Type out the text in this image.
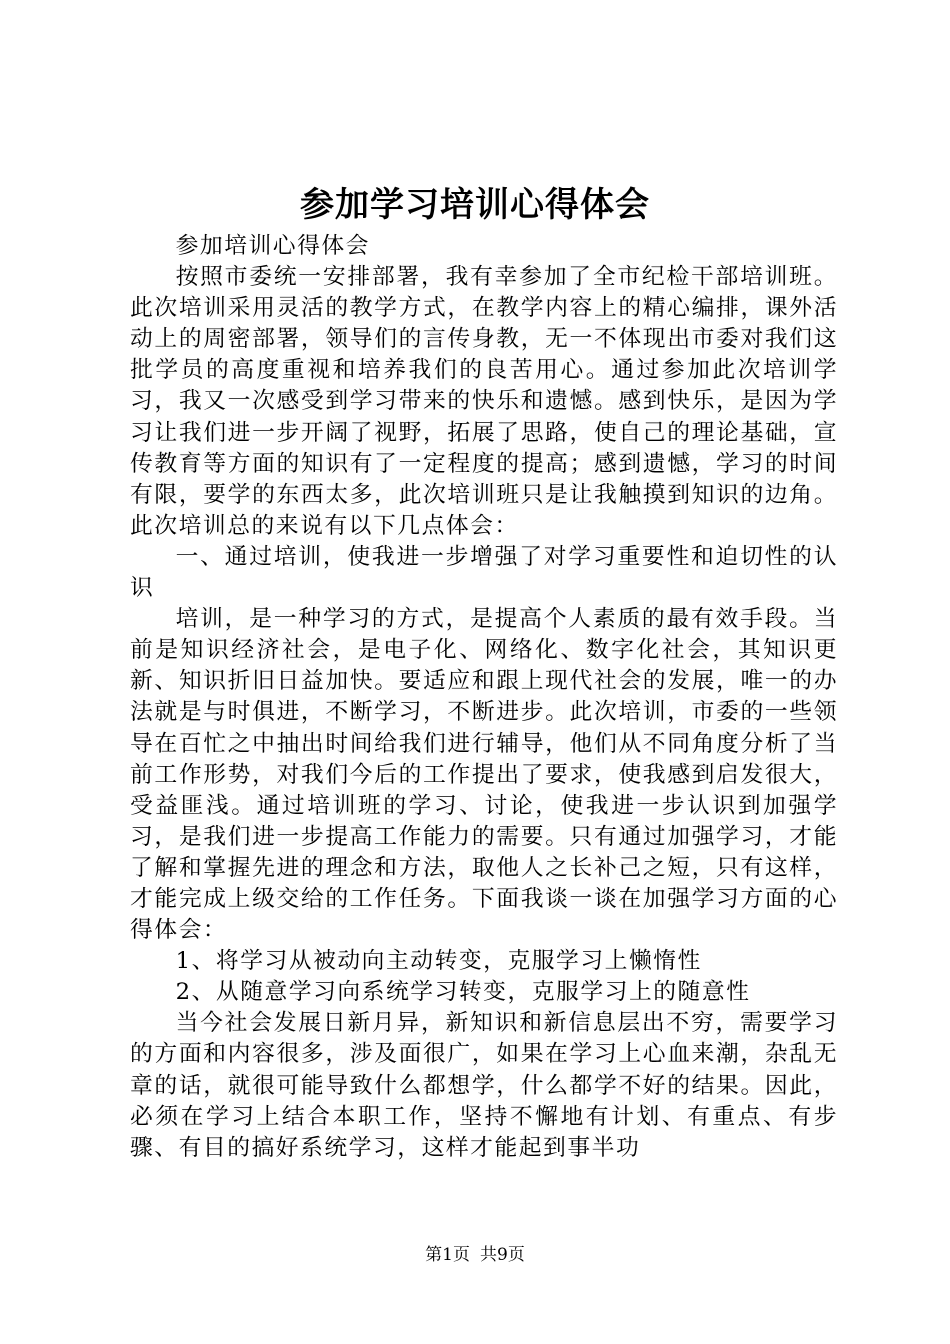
参加学习培训心得体会

参加培训心得体会

按照市委统一安排部署，我有幸参加了全市纪检干部培训班。此次培训采用灵活的教学方式，在教学内容上的精心编排，课外活动上的周密部署，领导们的言传身教，无一不体现出市委对我们这批学员的高度重视和培养我们的良苦用心。通过参加此次培训学习，我又一次感受到学习带来的快乐和遗憾。感到快乐，是因为学习让我们进一步开阔了视野，拓展了思路，使自己的理论基础，宣传教育等方面的知识有了一定程度的提高；感到遗憾，学习的时间有限，要学的东西太多，此次培训班只是让我触摸到知识的边角。此次培训总的来说有以下几点体会：

一、通过培训，使我进一步增强了对学习重要性和迫切性的认识

培训，是一种学习的方式，是提高个人素质的最有效手段。当前是知识经济社会，是电子化、网络化、数字化社会，其知识更新、知识折旧日益加快。要适应和跟上现代社会的发展，唯一的办法就是与时俱进，不断学习，不断进步。此次培训，市委的一些领导在百忙之中抽出时间给我们进行辅导，他们从不同角度分析了当前工作形势，对我们今后的工作提出了要求，使我感到启发很大，受益匪浅。通过培训班的学习、讨论，使我进一步认识到加强学习，是我们进一步提高工作能力的需要。只有通过加强学习，才能了解和掌握先进的理念和方法，取他人之长补己之短，只有这样，才能完成上级交给的工作任务。下面我谈一谈在加强学习方面的心得体会：

1、将学习从被动向主动转变，克服学习上懒惰性

2、从随意学习向系统学习转变，克服学习上的随意性

当今社会发展日新月异，新知识和新信息层出不穷，需要学习的方面和内容很多，涉及面很广，如果在学习上心血来潮，杂乱无章的话，就很可能导致什么都想学，什么都学不好的结果。因此，必须在学习上结合本职工作，坚持不懈地有计划、有重点、有步骤、有目的搞好系统学习，这样才能起到事半功

第1页 共9页
